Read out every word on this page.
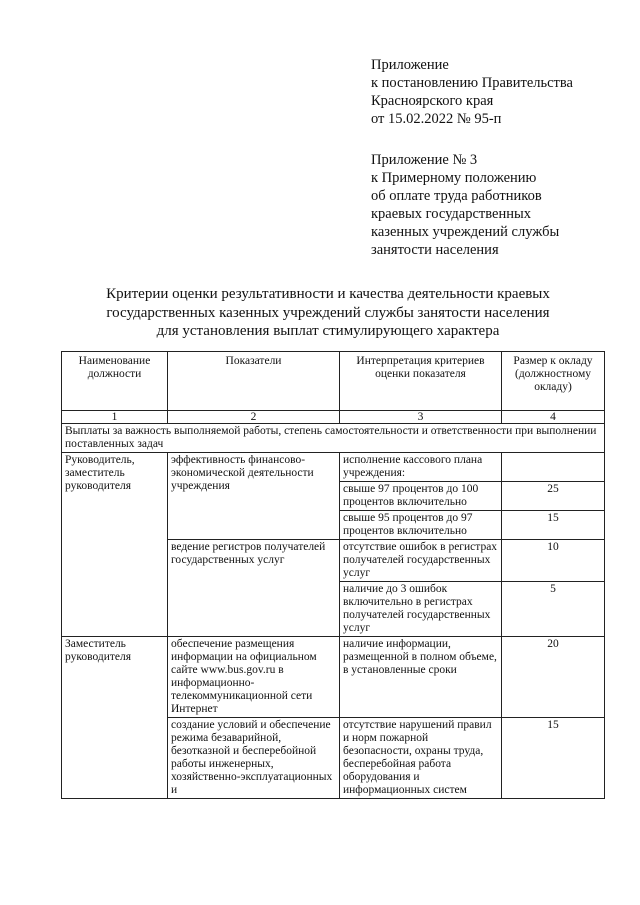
Приложение
к постановлению Правительства
Красноярского края
от 15.02.2022 № 95-п
Приложение № 3
к Примерному положению
об оплате труда работников
краевых государственных
казенных учреждений службы
занятости населения
Критерии оценки результативности и качества деятельности краевых
государственных казенных учреждений службы занятости населения
для установления выплат стимулирующего характера
Наименование должности	Показатели	Интерпретация критериев оценки показателя	Размер к окладу (должностному окладу)
1	2	3	4
Выплаты за важность выполняемой работы, степень самостоятельности и ответственности при выполнении поставленных задач			
Руководитель, заместитель руководителя	эффективность финансово-экономической деятельности учреждения	исполнение кассового плана учреждения:	
		свыше 97 процентов до 100 процентов включительно	25
		свыше 95 процентов до 97 процентов включительно	15
	ведение регистров получателей государственных услуг	отсутствие ошибок в регистрах получателей государственных услуг	10
		наличие до 3 ошибок включительно в регистрах получателей государственных услуг	5
Заместитель руководителя	обеспечение размещения информации на официальном сайте www.bus.gov.ru в информационно-телекоммуникационной сети Интернет	наличие информации, размещенной в полном объеме, в установленные сроки	20
	создание условий и обеспечение режима безаварийной, безотказной и бесперебойной работы инженерных, хозяйственно-эксплуатационных и	отсутствие нарушений правил и норм пожарной безопасности, охраны труда, бесперебойная работа оборудования и информационных систем	15
